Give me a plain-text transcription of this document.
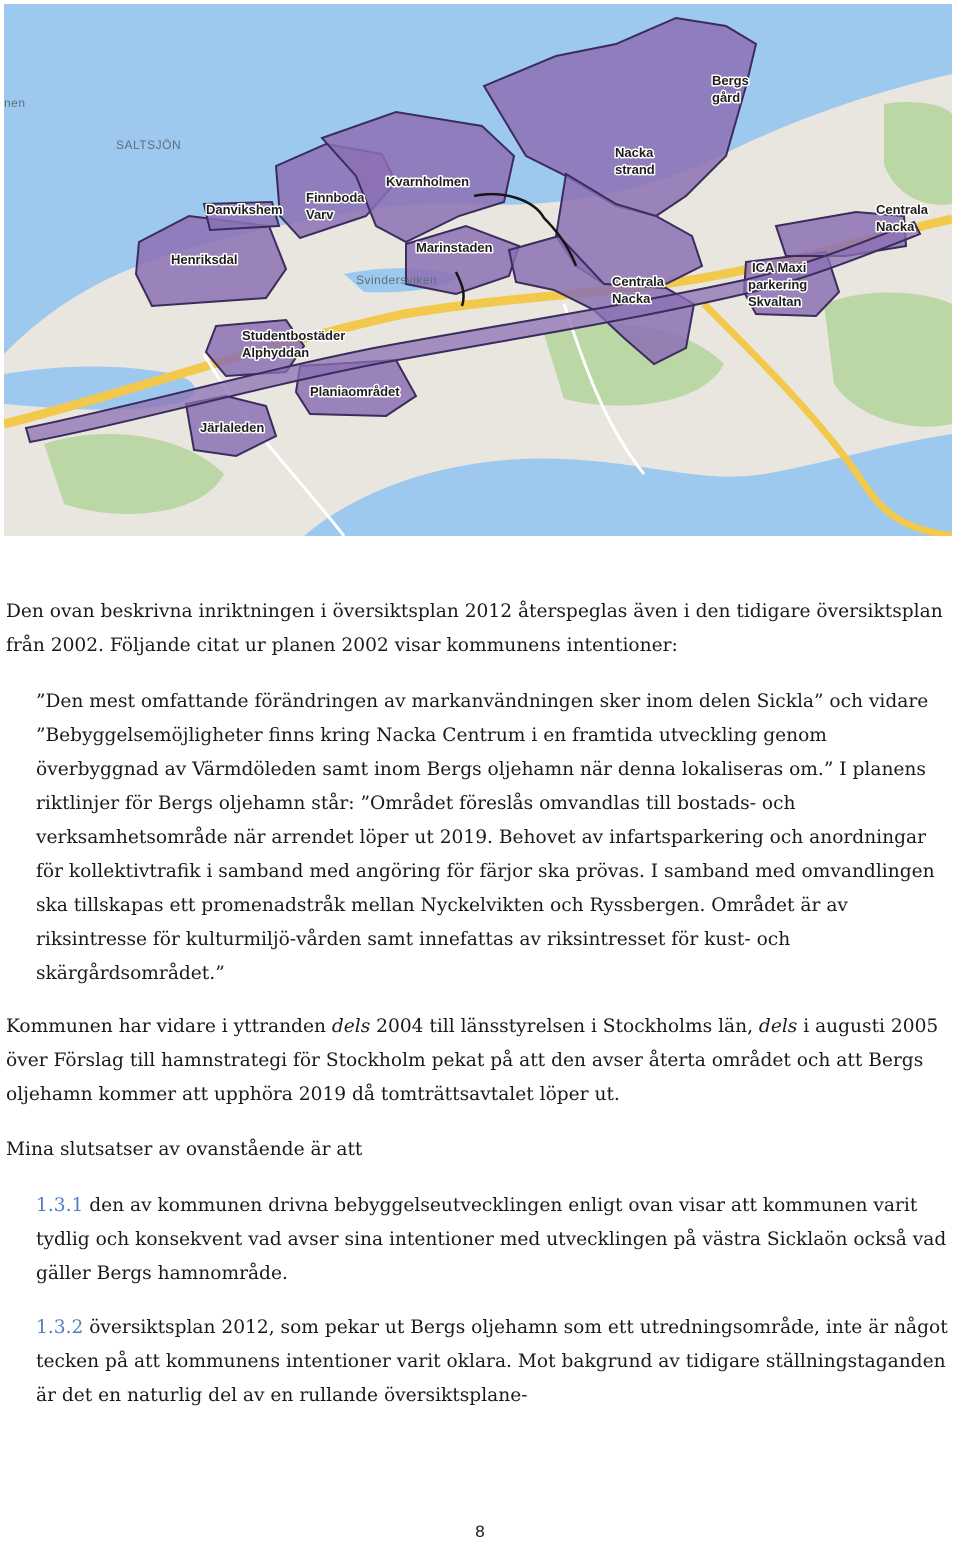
SALTSJÖN
Svindersviken
nen
Danvikshem
Finnboda
Varv
Kvarnholmen
Marinstaden
Henriksdal
Bergs
gård
Nacka
strand
Centrala
Nacka
Centrala
Nacka
ICA Maxi
parkering
Skvaltan
Studentbostäder
Alphyddan
Planiaområdet
Järlaleden

Den ovan beskrivna inriktningen i översiktsplan 2012 återspeglas även i den tidigare översiktsplan från 2002. Följande citat ur planen 2002 visar kommunens intentioner:

”Den mest omfattande förändringen av markanvändningen sker inom delen Sickla” och vidare ”Bebyggelsemöjligheter finns kring Nacka Centrum i en framtida utveckling genom överbyggnad av Värmdöleden samt inom Bergs oljehamn när denna lokaliseras om.” I planens riktlinjer för Bergs oljehamn står: ”Området föreslås omvandlas till bostads- och verksamhetsområde när arrendet löper ut 2019. Behovet av infartsparkering och anordningar för kollektivtrafik i samband med angöring för färjor ska prövas. I samband med omvandlingen ska tillskapas ett promenadstråk mellan Nyckelvikten och Ryssbergen. Området är av riksintresse för kulturmiljö-vården samt innefattas av riksintresset för kust- och skärgårdsområdet.”

Kommunen har vidare i yttranden dels 2004 till länsstyrelsen i Stockholms län, dels i augusti 2005 över Förslag till hamnstrategi för Stockholm pekat på att den avser återta området och att Bergs oljehamn kommer att upphöra 2019 då tomträttsavtalet löper ut.

Mina slutsatser av ovanstående är att

1.3.1 den av kommunen drivna bebyggelseutvecklingen enligt ovan visar att kommunen varit tydlig och konsekvent vad avser sina intentioner med utvecklingen på västra Sicklaön också vad gäller Bergs hamnområde.

1.3.2 översiktsplan 2012, som pekar ut Bergs oljehamn som ett utredningsområde, inte är något tecken på att kommunens intentioner varit oklara. Mot bakgrund av tidigare ställningstaganden är det en naturlig del av en rullande översiktsplane-

8
